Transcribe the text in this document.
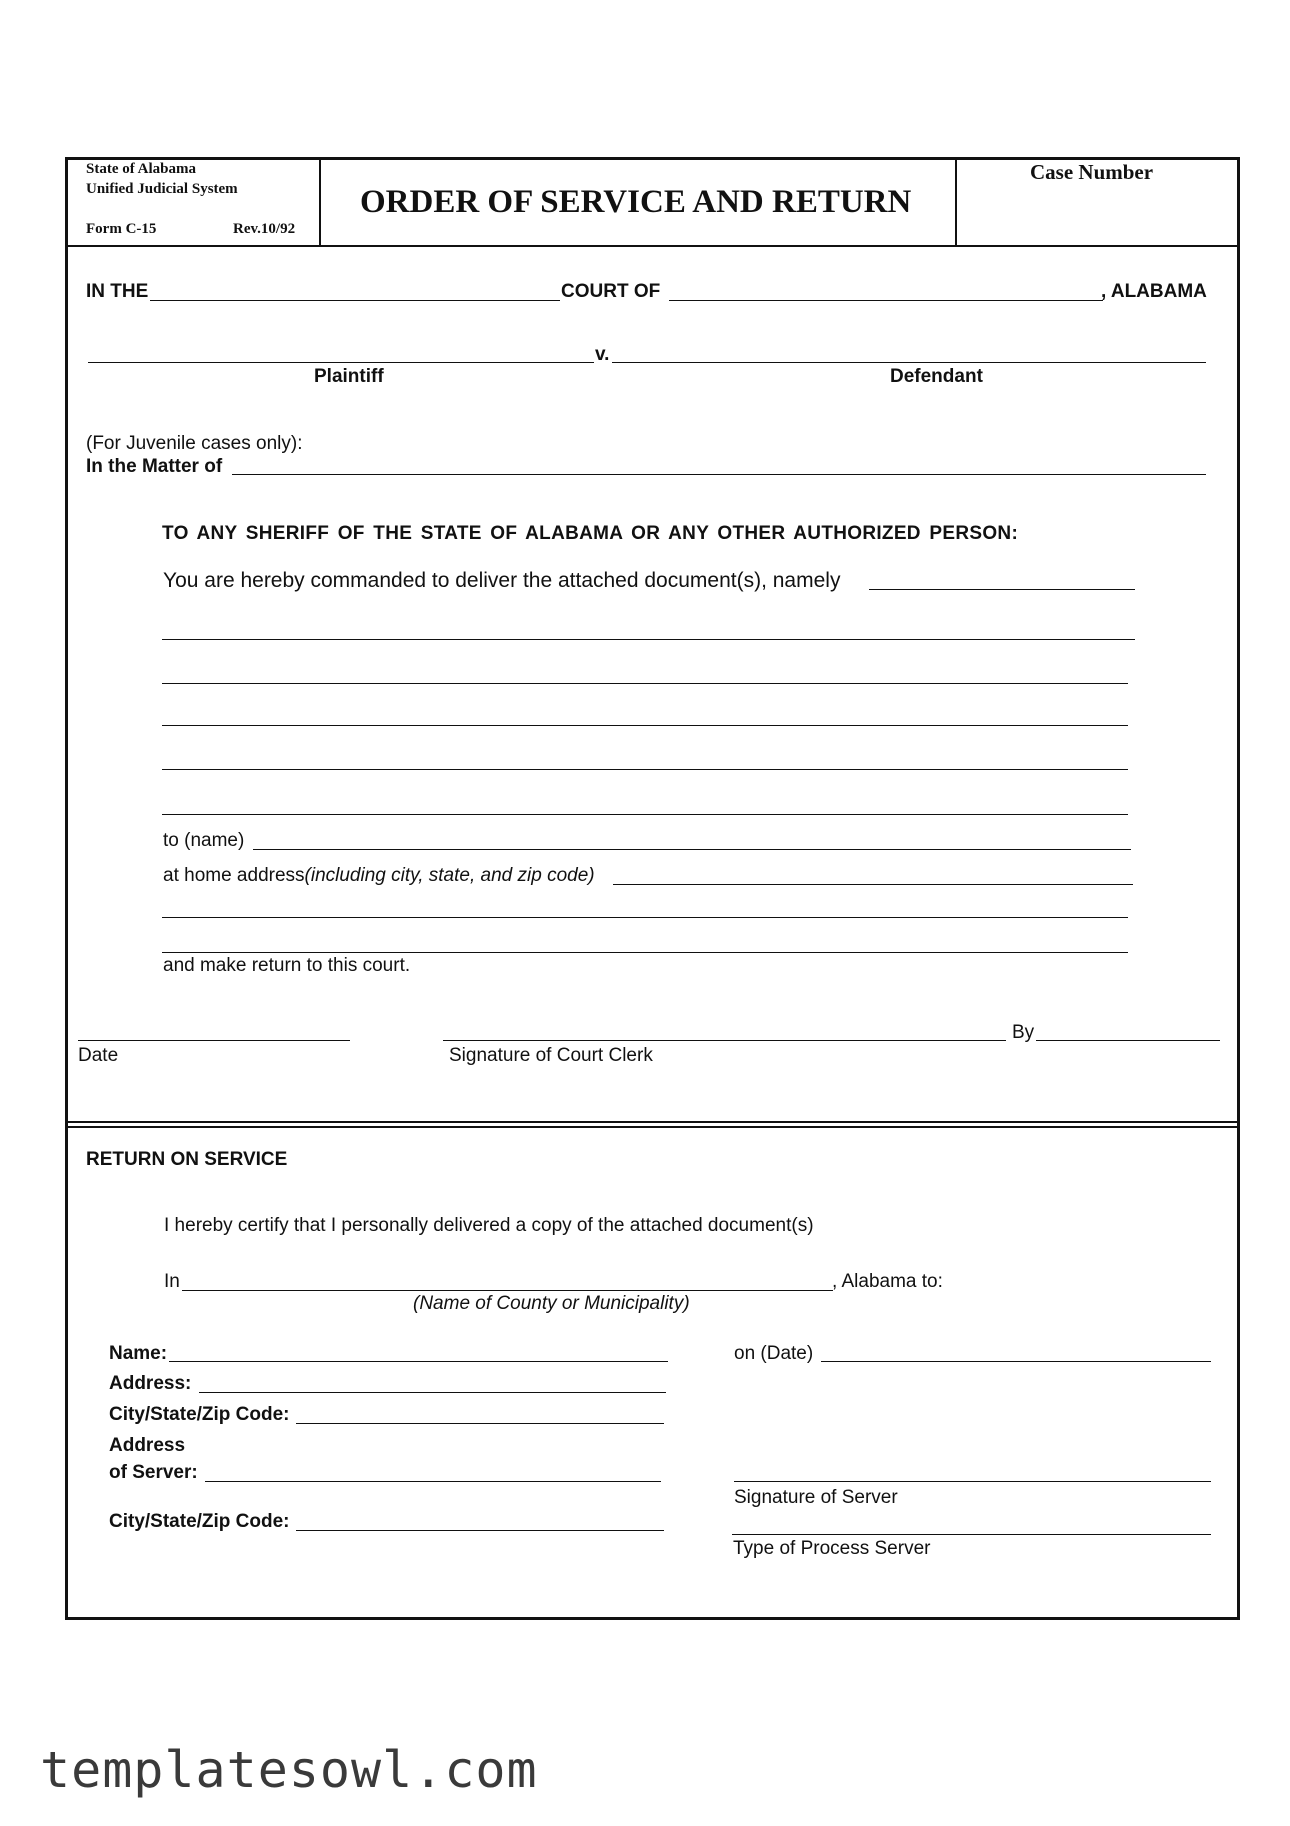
State of Alabama
Unified Judicial System
Form C-15	Rev.10/92
ORDER OF SERVICE AND RETURN
Case Number
IN THE	COURT OF	, ALABAMA
v.
Plaintiff	Defendant
(For Juvenile cases only):
In the Matter of
TO ANY SHERIFF OF THE STATE OF ALABAMA OR ANY OTHER AUTHORIZED PERSON:
You are hereby commanded to deliver the attached document(s), namely
to (name)
at home address(including city, state, and zip code)
and make return to this court.
By
Date	Signature of Court Clerk
RETURN ON SERVICE
I hereby certify that I personally delivered a copy of the attached document(s)
In	, Alabama to:
(Name of County or Municipality)
Name:	on (Date)
Address:
City/State/Zip Code:
Address
of Server:
Signature of Server
City/State/Zip Code:
Type of Process Server
templatesowl.com
